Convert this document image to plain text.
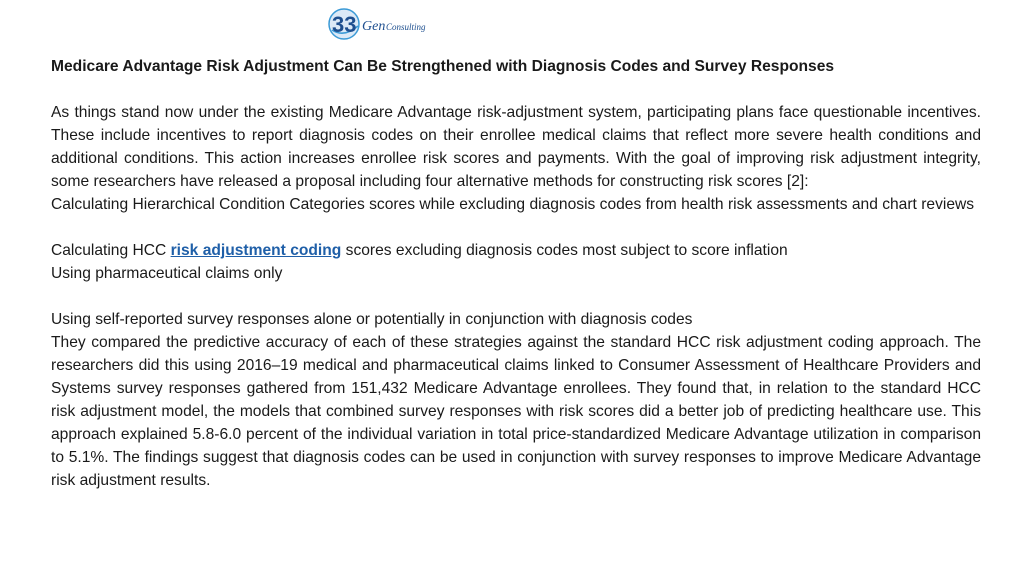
33 Gen Consulting

Medicare Advantage Risk Adjustment Can Be Strengthened with Diagnosis Codes and Survey Responses

As things stand now under the existing Medicare Advantage risk-adjustment system, participating plans face questionable incentives. These include incentives to report diagnosis codes on their enrollee medical claims that reflect more severe health conditions and additional conditions. This action increases enrollee risk scores and payments. With the goal of improving risk adjustment integrity, some researchers have released a proposal including four alternative methods for constructing risk scores [2]:

Calculating Hierarchical Condition Categories scores while excluding diagnosis codes from health risk assessments and chart reviews

Calculating HCC risk adjustment coding scores excluding diagnosis codes most subject to score inflation

Using pharmaceutical claims only

Using self-reported survey responses alone or potentially in conjunction with diagnosis codes

They compared the predictive accuracy of each of these strategies against the standard HCC risk adjustment coding approach. The researchers did this using 2016–19 medical and pharmaceutical claims linked to Consumer Assessment of Healthcare Providers and Systems survey responses gathered from 151,432 Medicare Advantage enrollees. They found that, in relation to the standard HCC risk adjustment model, the models that combined survey responses with risk scores did a better job of predicting healthcare use. This approach explained 5.8-6.0 percent of the individual variation in total price-standardized Medicare Advantage utilization in comparison to 5.1%. The findings suggest that diagnosis codes can be used in conjunction with survey responses to improve Medicare Advantage risk adjustment results.
